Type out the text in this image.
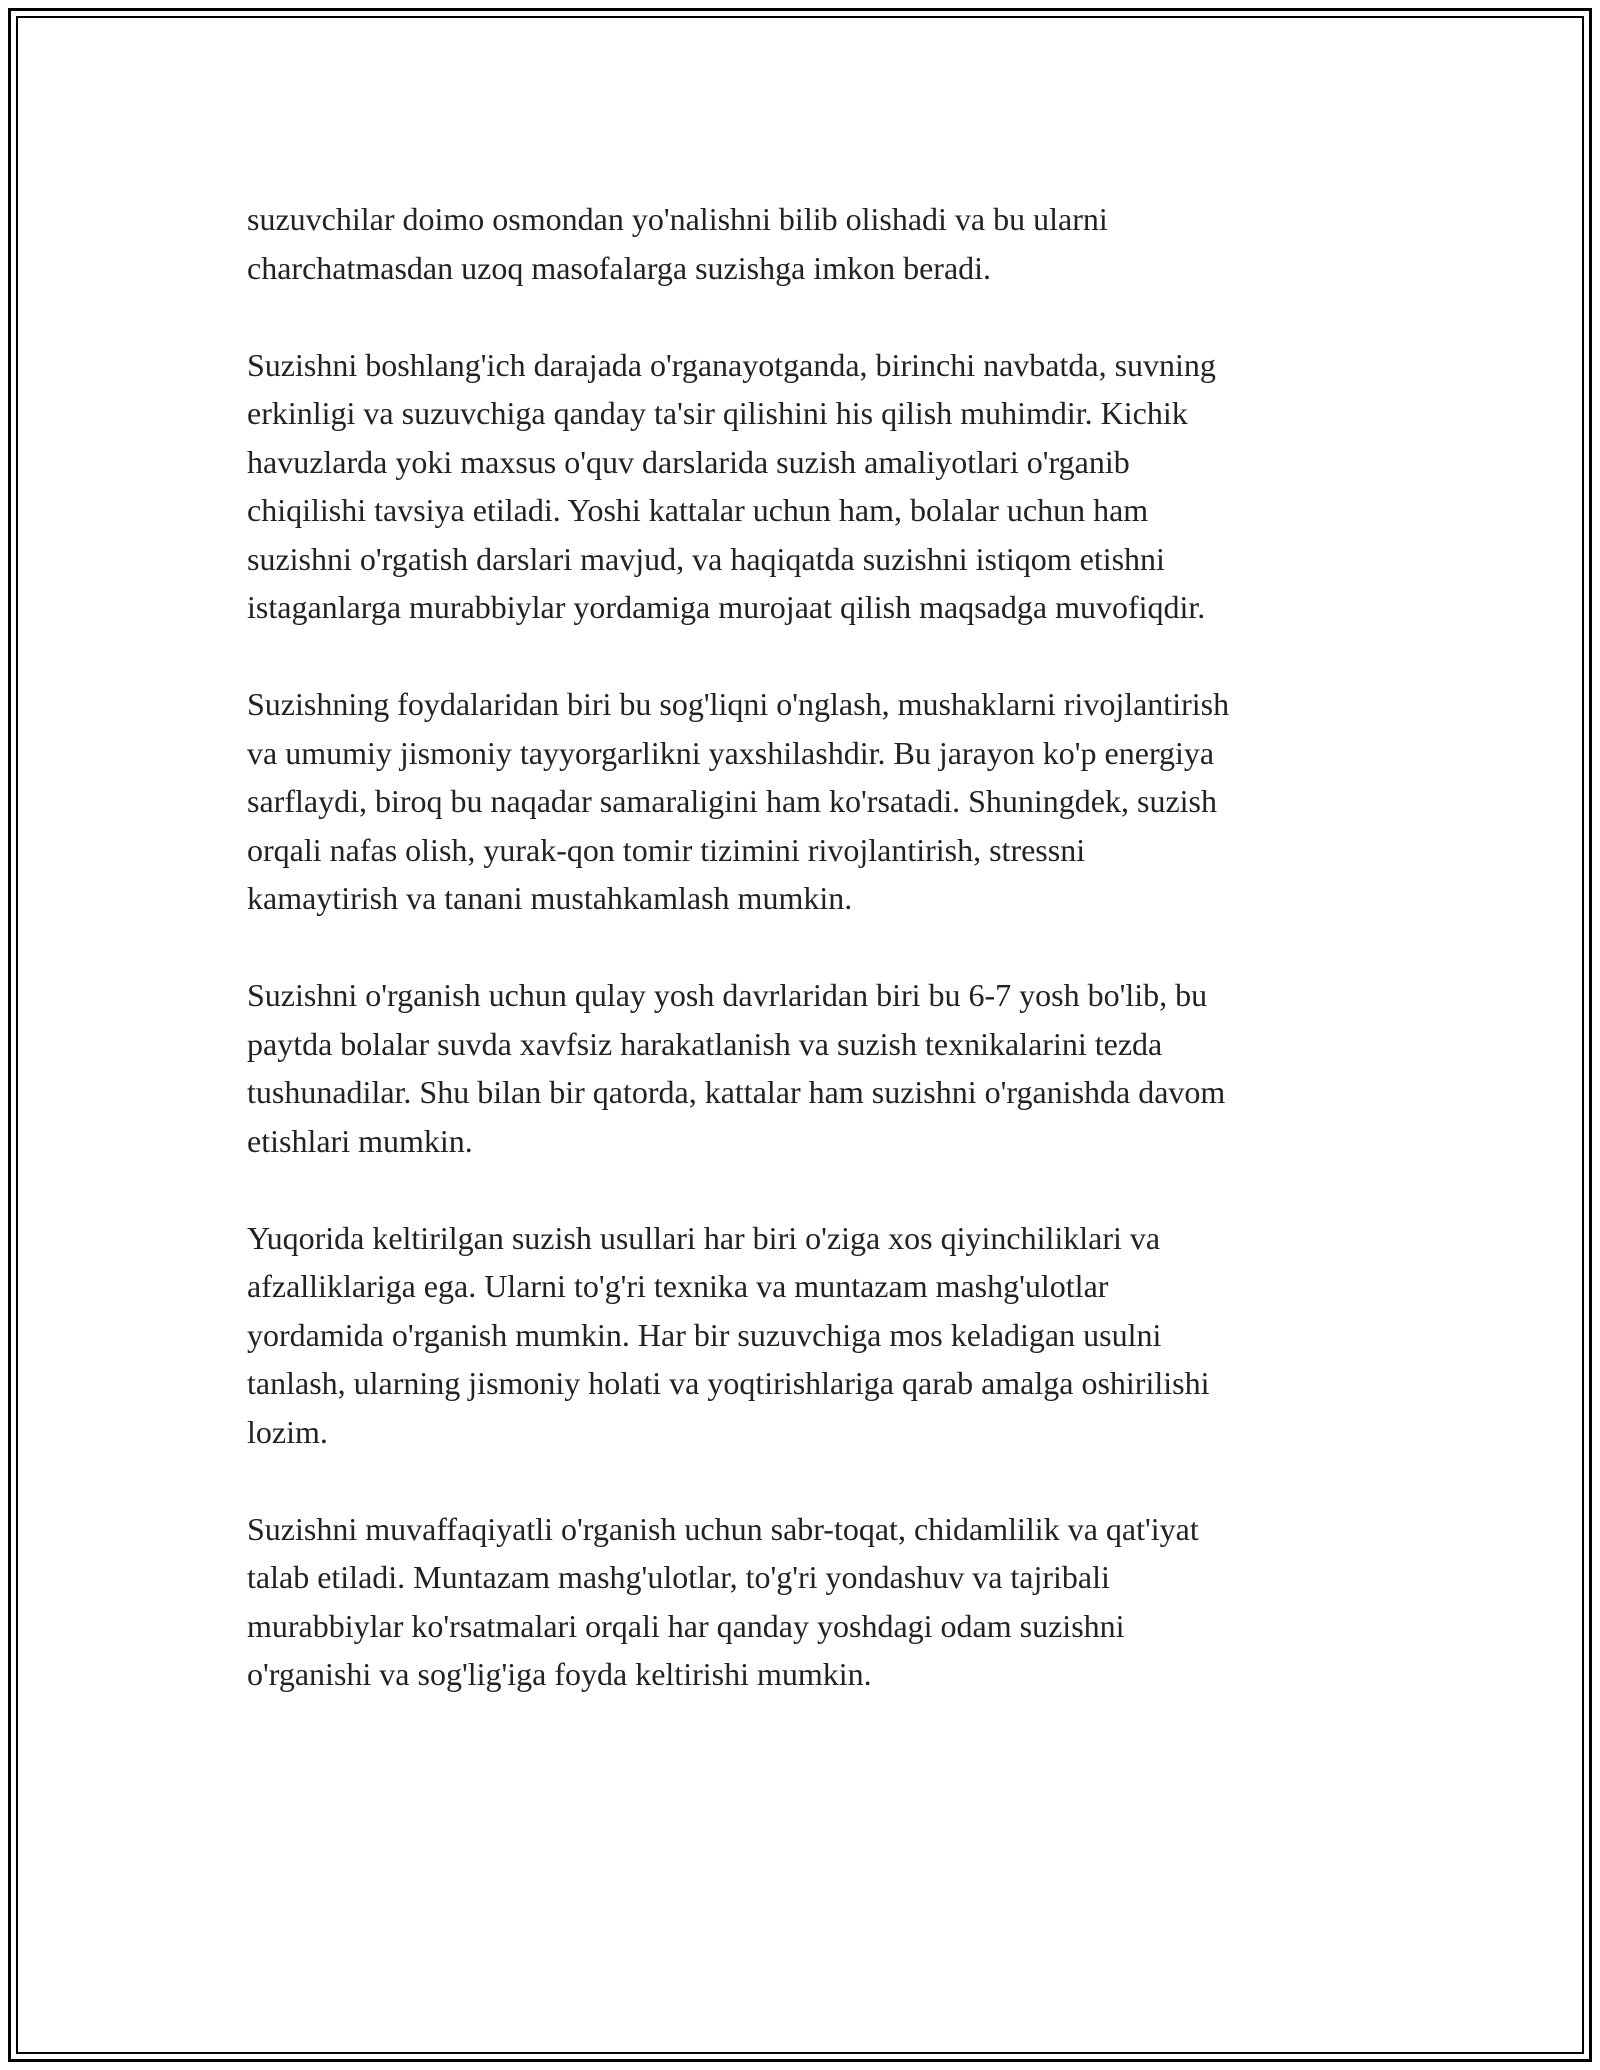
suzuvchilar doimo osmondan yo'nalishni bilib olishadi va bu ularni
charchatmasdan uzoq masofalarga suzishga imkon beradi.

Suzishni boshlang'ich darajada o'rganayotganda, birinchi navbatda, suvning
erkinligi va suzuvchiga qanday ta'sir qilishini his qilish muhimdir. Kichik
havuzlarda yoki maxsus o'quv darslarida suzish amaliyotlari o'rganib
chiqilishi tavsiya etiladi. Yoshi kattalar uchun ham, bolalar uchun ham
suzishni o'rgatish darslari mavjud, va haqiqatda suzishni istiqom etishni
istaganlarga murabbiylar yordamiga murojaat qilish maqsadga muvofiqdir.

Suzishning foydalaridan biri bu sog'liqni o'nglash, mushaklarni rivojlantirish
va umumiy jismoniy tayyorgarlikni yaxshilashdir. Bu jarayon ko'p energiya
sarflaydi, biroq bu naqadar samaraligini ham ko'rsatadi. Shuningdek, suzish
orqali nafas olish, yurak-qon tomir tizimini rivojlantirish, stressni
kamaytirish va tanani mustahkamlash mumkin.

Suzishni o'rganish uchun qulay yosh davrlaridan biri bu 6-7 yosh bo'lib, bu
paytda bolalar suvda xavfsiz harakatlanish va suzish texnikalarini tezda
tushunadilar. Shu bilan bir qatorda, kattalar ham suzishni o'rganishda davom
etishlari mumkin.

Yuqorida keltirilgan suzish usullari har biri o'ziga xos qiyinchiliklari va
afzalliklariga ega. Ularni to'g'ri texnika va muntazam mashg'ulotlar
yordamida o'rganish mumkin. Har bir suzuvchiga mos keladigan usulni
tanlash, ularning jismoniy holati va yoqtirishlariga qarab amalga oshirilishi
lozim.

Suzishni muvaffaqiyatli o'rganish uchun sabr-toqat, chidamlilik va qat'iyat
talab etiladi. Muntazam mashg'ulotlar, to'g'ri yondashuv va tajribali
murabbiylar ko'rsatmalari orqali har qanday yoshdagi odam suzishni
o'rganishi va sog'lig'iga foyda keltirishi mumkin.
